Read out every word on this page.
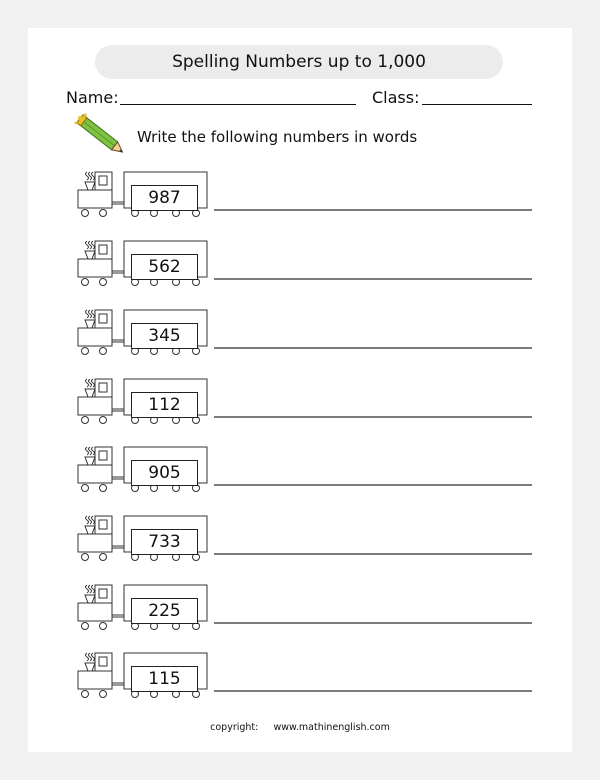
Spelling Numbers up to 1,000
Name:	Class:
Write the following numbers in words
987
562
345
112
905
733
225
115
copyright: www.mathinenglish.com
